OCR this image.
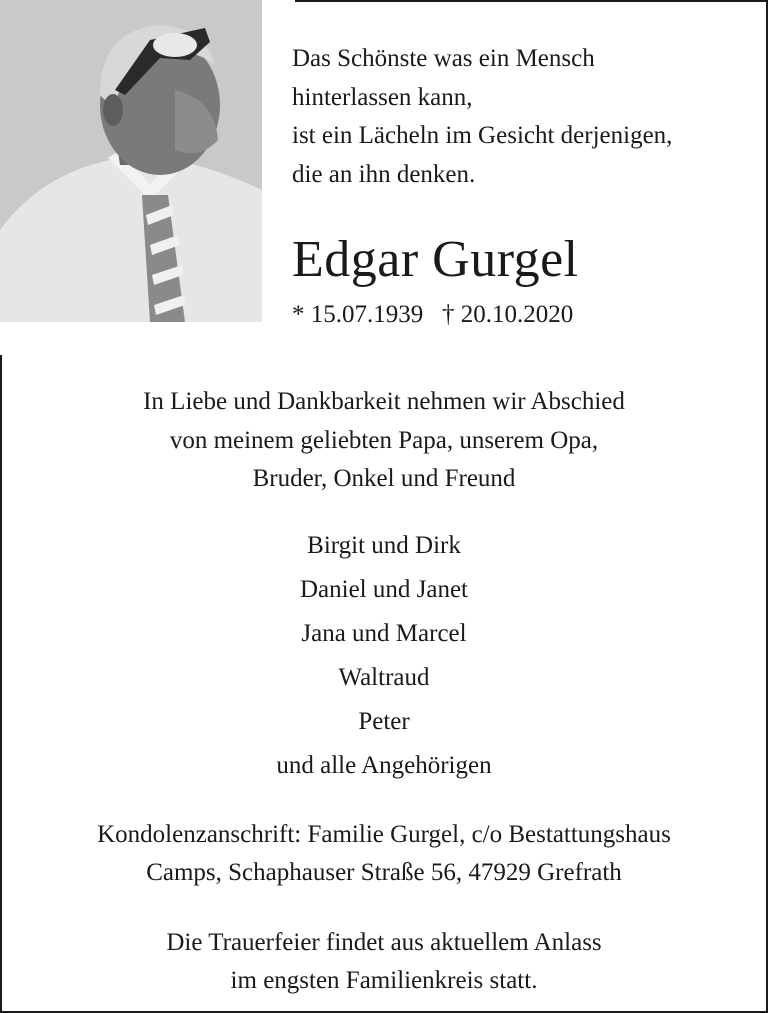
Das Schönste was ein Mensch
hinterlassen kann,
ist ein Lächeln im Gesicht derjenigen,
die an ihn denken.
Edgar Gurgel
* 15.07.1939   † 20.10.2020
In Liebe und Dankbarkeit nehmen wir Abschied
von meinem geliebten Papa, unserem Opa,
Bruder, Onkel und Freund
Birgit und Dirk
Daniel und Janet
Jana und Marcel
Waltraud
Peter
und alle Angehörigen
Kondolenzanschrift: Familie Gurgel, c/o Bestattungshaus
Camps, Schaphauser Straße 56, 47929 Grefrath
Die Trauerfeier findet aus aktuellem Anlass
im engsten Familienkreis statt.
